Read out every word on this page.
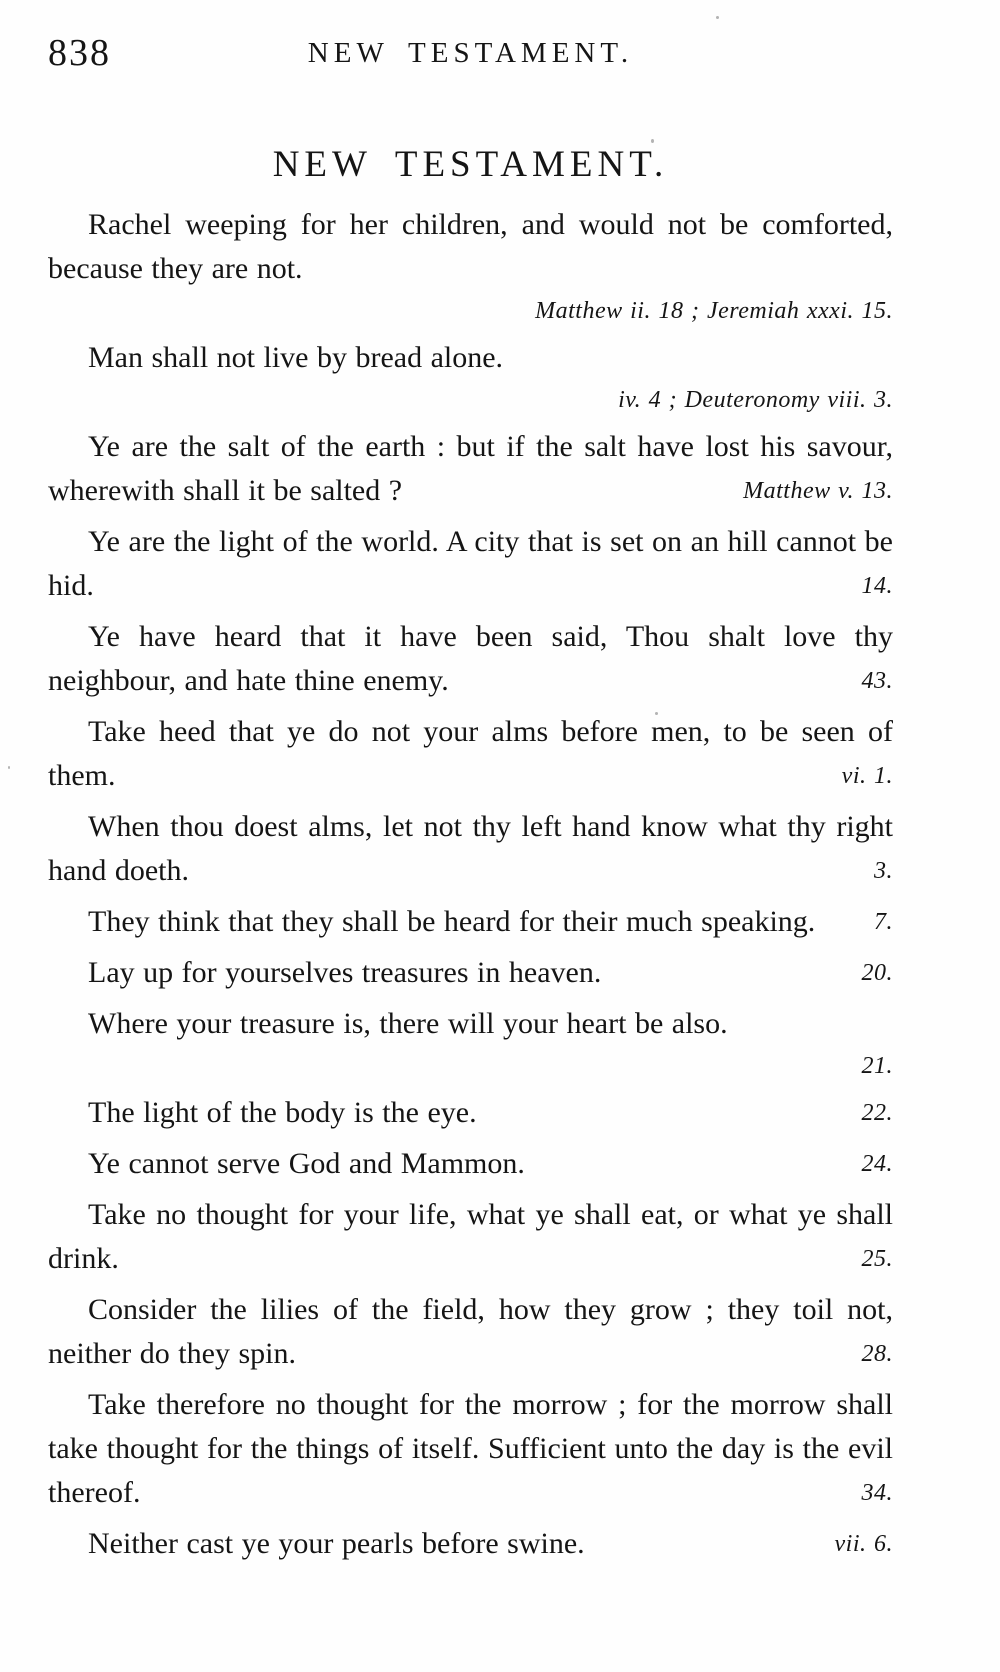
838	NEW TESTAMENT.
NEW TESTAMENT.

Rachel weeping for her children, and would not be comforted, because they are not.
Matthew ii. 18 ; Jeremiah xxxi. 15.

Man shall not live by bread alone.
iv. 4 ; Deuteronomy viii. 3.

Ye are the salt of the earth : but if the salt have lost his savour, wherewith shall it be salted ?	Matthew v. 13.

Ye are the light of the world. A city that is set on an hill cannot be hid.	14.

Ye have heard that it have been said, Thou shalt love thy neighbour, and hate thine enemy.	43.

Take heed that ye do not your alms before men, to be seen of them.	vi. 1.

When thou doest alms, let not thy left hand know what thy right hand doeth.	3.

They think that they shall be heard for their much speaking. 7.

Lay up for yourselves treasures in heaven.	20.

Where your treasure is, there will your heart be also.
21.

The light of the body is the eye.	22.

Ye cannot serve God and Mammon.	24.

Take no thought for your life, what ye shall eat, or what ye shall drink.	25.

Consider the lilies of the field, how they grow ; they toil not, neither do they spin.	28.

Take therefore no thought for the morrow ; for the morrow shall take thought for the things of itself. Sufficient unto the day is the evil thereof.	34.

Neither cast ye your pearls before swine.	vii. 6.
